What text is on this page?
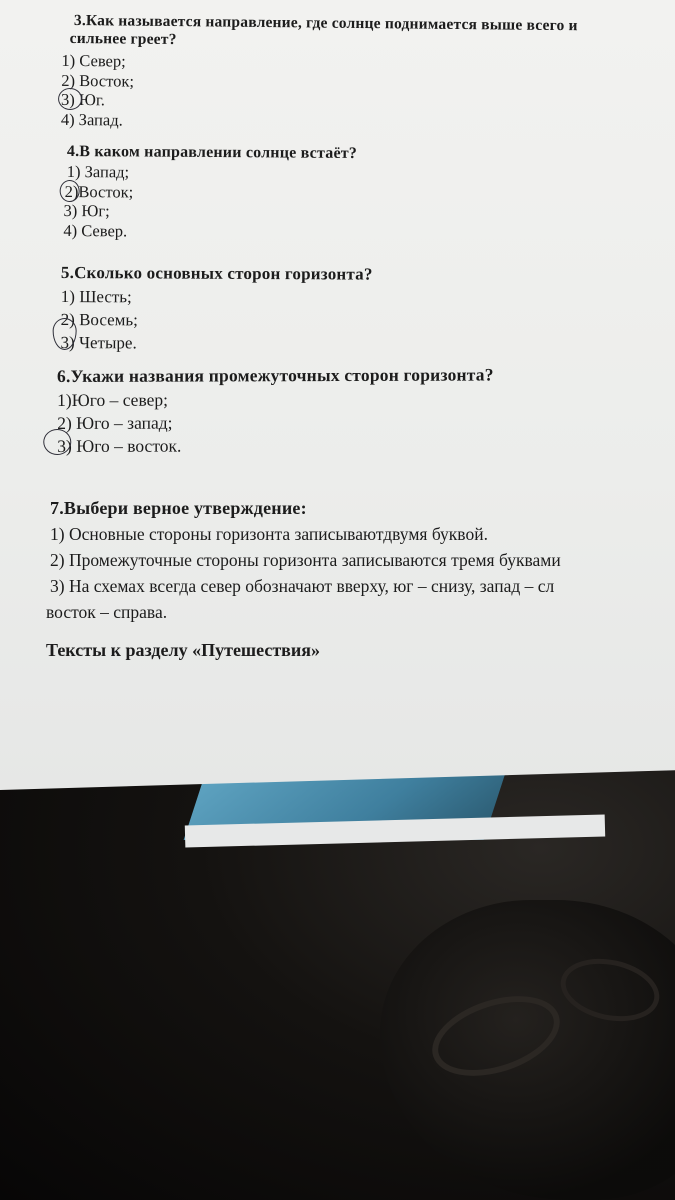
3.Как называется направление, где солнце поднимается выше всего и
сильнее греет?
1) Север;
2) Восток;
3) Юг.
4) Запад.
4.В каком направлении солнце встаёт?
1) Запад;
2)Восток;
3) Юг;
4) Север.
5.Сколько основных сторон горизонта?
1) Шесть;
2) Восемь;
3) Четыре.
6.Укажи названия промежуточных сторон горизонта?
1)Юго – север;
2) Юго – запад;
3) Юго – восток.
7.Выбери верное утверждение:
1) Основные стороны горизонта записываютдвумя буквой.
2) Промежуточные стороны горизонта записываются тремя буквами
3) На схемах всегда север обозначают вверху, юг – снизу, запад – сл
восток – справа.
Тексты к разделу «Путешествия»
